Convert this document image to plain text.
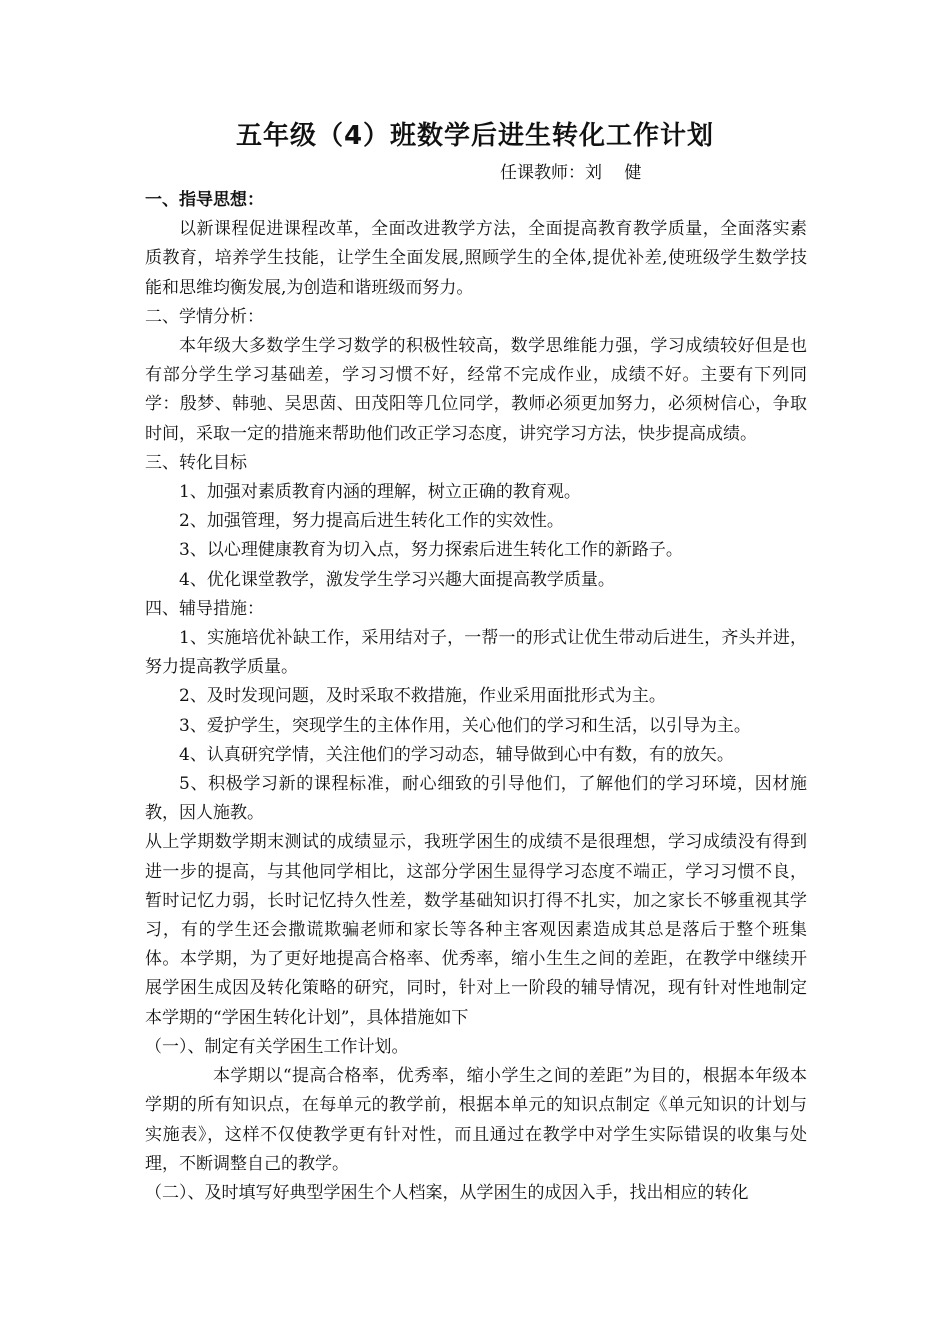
五年级（4）班数学后进生转化工作计划
任课教师：刘　 健

一、指导思想：

以新课程促进课程改革，全面改进教学方法，全面提高教育教学质量，全面落实素质教育，培养学生技能，让学生全面发展,照顾学生的全体,提优补差,使班级学生数学技能和思维均衡发展,为创造和谐班级而努力。

二、学情分析：

本年级大多数学生学习数学的积极性较高，数学思维能力强，学习成绩较好但是也有部分学生学习基础差，学习习惯不好，经常不完成作业，成绩不好。主要有下列同学：殷梦、韩驰、吴思茵、田茂阳等几位同学，教师必须更加努力，必须树信心，争取时间，采取一定的措施来帮助他们改正学习态度，讲究学习方法，快步提高成绩。

三、转化目标

1、加强对素质教育内涵的理解，树立正确的教育观。

2、加强管理，努力提高后进生转化工作的实效性。

3、以心理健康教育为切入点，努力探索后进生转化工作的新路子。

4、优化课堂教学，激发学生学习兴趣大面提高教学质量。

四、辅导措施：

1、实施培优补缺工作，采用结对子，一帮一的形式让优生带动后进生，齐头并进，努力提高教学质量。

2、及时发现问题，及时采取不救措施，作业采用面批形式为主。

3、爱护学生，突现学生的主体作用，关心他们的学习和生活，以引导为主。

4、认真研究学情，关注他们的学习动态，辅导做到心中有数，有的放矢。

5、积极学习新的课程标准，耐心细致的引导他们，了解他们的学习环境，因材施教，因人施教。

从上学期数学期末测试的成绩显示，我班学困生的成绩不是很理想，学习成绩没有得到进一步的提高，与其他同学相比，这部分学困生显得学习态度不端正，学习习惯不良，暂时记忆力弱，长时记忆持久性差，数学基础知识打得不扎实，加之家长不够重视其学习，有的学生还会撒谎欺骗老师和家长等各种主客观因素造成其总是落后于整个班集体。本学期，为了更好地提高合格率、优秀率，缩小生生之间的差距，在教学中继续开展学困生成因及转化策略的研究，同时，针对上一阶段的辅导情况，现有针对性地制定本学期的“学困生转化计划”，具体措施如下

（一）、制定有关学困生工作计划。

本学期以“提高合格率，优秀率，缩小学生之间的差距”为目的，根据本年级本学期的所有知识点，在每单元的教学前，根据本单元的知识点制定《单元知识的计划与实施表》，这样不仅使教学更有针对性，而且通过在教学中对学生实际错误的收集与处理，不断调整自己的教学。

（二）、及时填写好典型学困生个人档案，从学困生的成因入手，找出相应的转化
